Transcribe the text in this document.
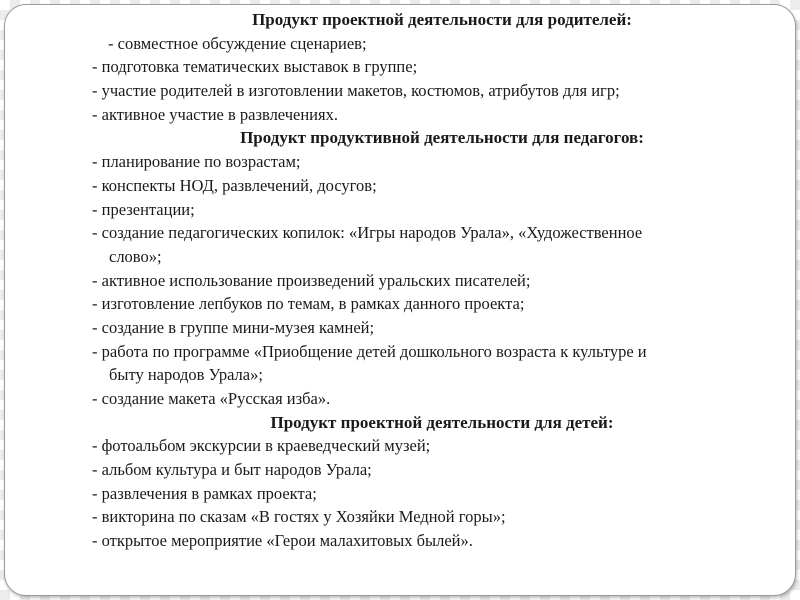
Продукт проектной деятельности для родителей:
- совместное обсуждение сценариев;
- подготовка тематических выставок в группе;
- участие родителей в изготовлении макетов, костюмов, атрибутов для игр;
- активное участие в развлечениях.
Продукт продуктивной деятельности для педагогов:
- планирование по возрастам;
- конспекты НОД, развлечений, досугов;
- презентации;
- создание педагогических копилок: «Игры народов Урала», «Художественное
слово»;
- активное использование произведений уральских писателей;
- изготовление лепбуков по темам, в рамках данного проекта;
- создание в группе мини-музея камней;
- работа по программе «Приобщение детей дошкольного возраста к культуре и
быту народов Урала»;
- создание макета «Русская изба».
Продукт проектной деятельности для детей:
- фотоальбом экскурсии в краеведческий музей;
- альбом культура и быт народов Урала;
- развлечения в рамках проекта;
- викторина по сказам «В гостях у Хозяйки Медной горы»;
- открытое мероприятие «Герои малахитовых былей».
